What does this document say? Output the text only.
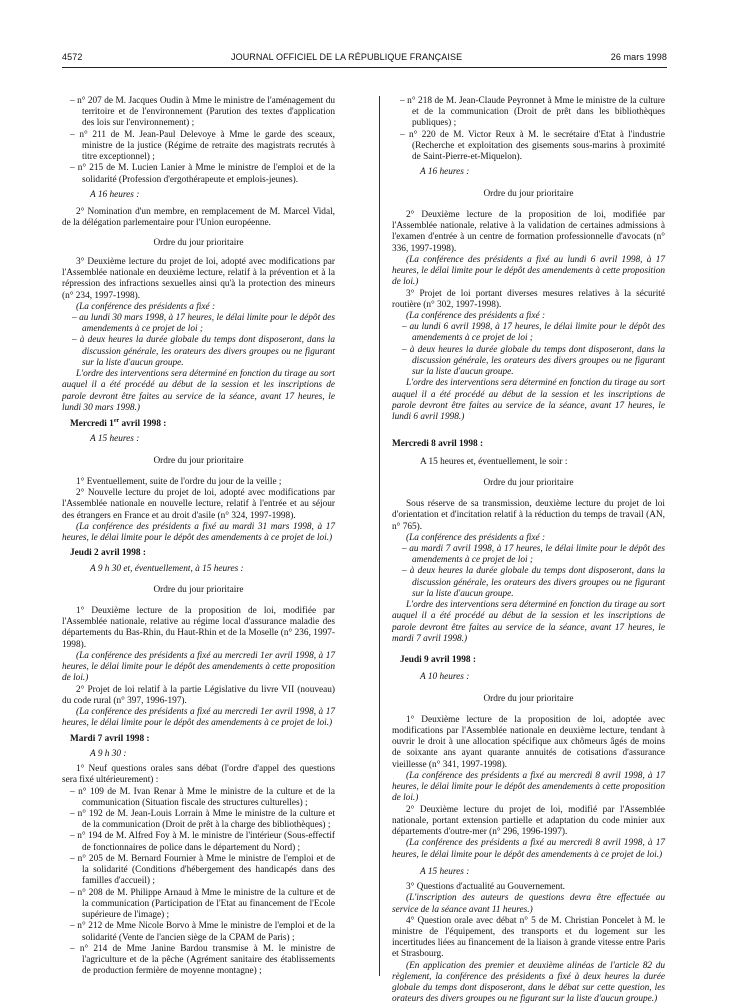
4572	JOURNAL OFFICIEL DE LA RÉPUBLIQUE FRANÇAISE	26 mars 1998
– n° 207 de M. Jacques Oudin à Mme le ministre de l'aménagement du territoire et de l'environnement (Parution des textes d'application des lois sur l'environnement) ;
– n° 211 de M. Jean-Paul Delevoye à Mme le garde des sceaux, ministre de la justice (Régime de retraite des magistrats recrutés à titre exceptionnel) ;
– n° 215 de M. Lucien Lanier à Mme le ministre de l'emploi et de la solidarité (Profession d'ergothérapeute et emplois-jeunes).

A 16 heures :

2° Nomination d'un membre, en remplacement de M. Marcel Vidal, de la délégation parlementaire pour l'Union européenne.

Ordre du jour prioritaire

3° Deuxième lecture du projet de loi, adopté avec modifications par l'Assemblée nationale en deuxième lecture, relatif à la prévention et à la répression des infractions sexuelles ainsi qu'à la protection des mineurs (n° 234, 1997-1998).

(La conférence des présidents a fixé :

– au lundi 30 mars 1998, à 17 heures, le délai limite pour le dépôt des amendements à ce projet de loi ;
– à deux heures la durée globale du temps dont disposeront, dans la discussion générale, les orateurs des divers groupes ou ne figurant sur la liste d'aucun groupe.

L'ordre des interventions sera déterminé en fonction du tirage au sort auquel il a été procédé au début de la session et les inscriptions de parole devront être faites au service de la séance, avant 17 heures, le lundi 30 mars 1998.)

Mercredi 1er avril 1998 :

A 15 heures :

Ordre du jour prioritaire

1° Eventuellement, suite de l'ordre du jour de la veille ;

2° Nouvelle lecture du projet de loi, adopté avec modifications par l'Assemblée nationale en nouvelle lecture, relatif à l'entrée et au séjour des étrangers en France et au droit d'asile (n° 324, 1997-1998).

(La conférence des présidents a fixé au mardi 31 mars 1998, à 17 heures, le délai limite pour le dépôt des amendements à ce projet de loi.)

Jeudi 2 avril 1998 :

A 9 h 30 et, éventuellement, à 15 heures :

Ordre du jour prioritaire

1° Deuxième lecture de la proposition de loi, modifiée par l'Assemblée nationale, relative au régime local d'assurance maladie des départements du Bas-Rhin, du Haut-Rhin et de la Moselle (n° 236, 1997-1998).

(La conférence des présidents a fixé au mercredi 1er avril 1998, à 17 heures, le délai limite pour le dépôt des amendements à cette proposition de loi.)

2° Projet de loi relatif à la partie Législative du livre VII (nouveau) du code rural (n° 397, 1996-197).

(La conférence des présidents a fixé au mercredi 1er avril 1998, à 17 heures, le délai limite pour le dépôt des amendements à ce projet de loi.)

Mardi 7 avril 1998 :

A 9 h 30 :

1° Neuf questions orales sans débat (l'ordre d'appel des questions sera fixé ultérieurement) :

– n° 109 de M. Ivan Renar à Mme le ministre de la culture et de la communication (Situation fiscale des structures culturelles) ;
– n° 192 de M. Jean-Louis Lorrain à Mme le ministre de la culture et de la communication (Droit de prêt à la charge des bibliothèques) ;
– n° 194 de M. Alfred Foy à M. le ministre de l'intérieur (Sous-effectif de fonctionnaires de police dans le département du Nord) ;
– n° 205 de M. Bernard Fournier à Mme le ministre de l'emploi et de la solidarité (Conditions d'hébergement des handicapés dans des familles d'accueil) ;
– n° 208 de M. Philippe Arnaud à Mme le ministre de la culture et de la communication (Participation de l'Etat au financement de l'Ecole supérieure de l'image) ;
– n° 212 de Mme Nicole Borvo à Mme le ministre de l'emploi et de la solidarité (Vente de l'ancien siège de la CPAM de Paris) ;
– n° 214 de Mme Janine Bardou transmise à M. le ministre de l'agriculture et de la pêche (Agrément sanitaire des établissements de production fermière de moyenne montagne) ;
– n° 218 de M. Jean-Claude Peyronnet à Mme le ministre de la culture et de la communication (Droit de prêt dans les bibliothèques publiques) ;
– n° 220 de M. Victor Reux à M. le secrétaire d'Etat à l'industrie (Recherche et exploitation des gisements sous-marins à proximité de Saint-Pierre-et-Miquelon).

A 16 heures :

Ordre du jour prioritaire

2° Deuxième lecture de la proposition de loi, modifiée par l'Assemblée nationale, relative à la validation de certaines admissions à l'examen d'entrée à un centre de formation professionnelle d'avocats (n° 336, 1997-1998).

(La conférence des présidents a fixé au lundi 6 avril 1998, à 17 heures, le délai limite pour le dépôt des amendements à cette proposition de loi.)

3° Projet de loi portant diverses mesures relatives à la sécurité routière (n° 302, 1997-1998).

(La conférence des présidents a fixé :

– au lundi 6 avril 1998, à 17 heures, le délai limite pour le dépôt des amendements à ce projet de loi ;
– à deux heures la durée globale du temps dont disposeront, dans la discussion générale, les orateurs des divers groupes ou ne figurant sur la liste d'aucun groupe.

L'ordre des interventions sera déterminé en fonction du tirage au sort auquel il a été procédé au début de la session et les inscriptions de parole devront être faites au service de la séance, avant 17 heures, le lundi 6 avril 1998.)

Mercredi 8 avril 1998 :

A 15 heures et, éventuellement, le soir :

Ordre du jour prioritaire

Sous réserve de sa transmission, deuxième lecture du projet de loi d'orientation et d'incitation relatif à la réduction du temps de travail (AN, n° 765).

(La conférence des présidents a fixé :

– au mardi 7 avril 1998, à 17 heures, le délai limite pour le dépôt des amendements à ce projet de loi ;
– à deux heures la durée globale du temps dont disposeront, dans la discussion générale, les orateurs des divers groupes ou ne figurant sur la liste d'aucun groupe.

L'ordre des interventions sera déterminé en fonction du tirage au sort auquel il a été procédé au début de la session et les inscriptions de parole devront être faites au service de la séance, avant 17 heures, le mardi 7 avril 1998.)

Jeudi 9 avril 1998 :

A 10 heures :

Ordre du jour prioritaire

1° Deuxième lecture de la proposition de loi, adoptée avec modifications par l'Assemblée nationale en deuxième lecture, tendant à ouvrir le droit à une allocation spécifique aux chômeurs âgés de moins de soixante ans ayant quarante annuités de cotisations d'assurance vieillesse (n° 341, 1997-1998).

(La conférence des présidents a fixé au mercredi 8 avril 1998, à 17 heures, le délai limite pour le dépôt des amendements à cette proposition de loi.)

2° Deuxième lecture du projet de loi, modifié par l'Assemblée nationale, portant extension partielle et adaptation du code minier aux départements d'outre-mer (n° 296, 1996-1997).

(La conférence des présidents a fixé au mercredi 8 avril 1998, à 17 heures, le délai limite pour le dépôt des amendements à ce projet de loi.)

A 15 heures :

3° Questions d'actualité au Gouvernement.

(L'inscription des auteurs de questions devra être effectuée au service de la séance avant 11 heures.)

4° Question orale avec débat n° 5 de M. Christian Poncelet à M. le ministre de l'équipement, des transports et du logement sur les incertitudes liées au financement de la liaison à grande vitesse entre Paris et Strasbourg.

(En application des premier et deuxième alinéas de l'article 82 du règlement, la conférence des présidents a fixé à deux heures la durée globale du temps dont disposeront, dans le débat sur cette question, les orateurs des divers groupes ou ne figurant sur la liste d'aucun groupe.)
